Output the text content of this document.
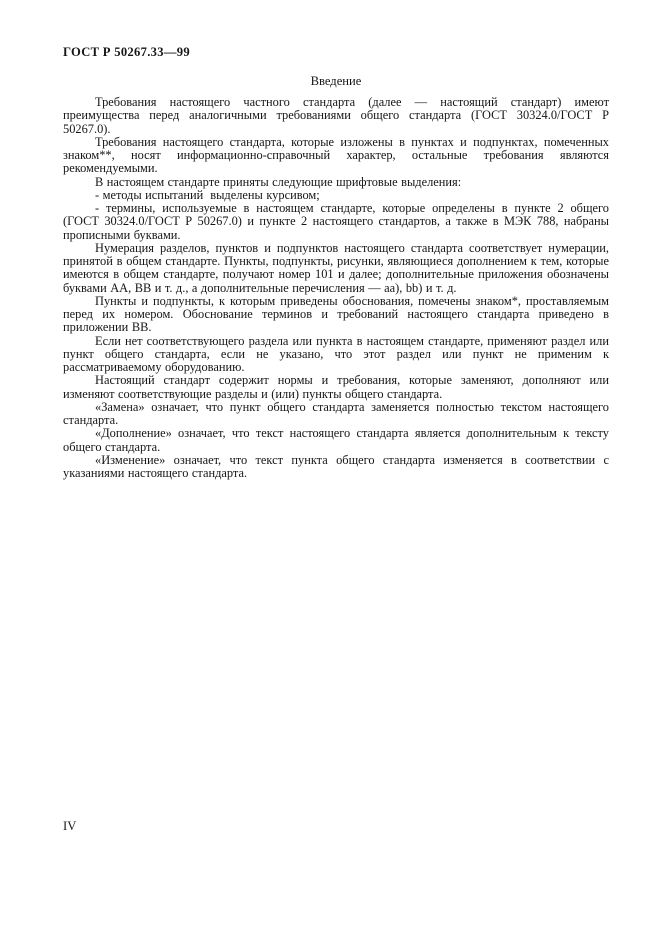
ГОСТ Р 50267.33—99
Введение

Требования настоящего частного стандарта (далее — настоящий стандарт) имеют преимущества перед аналогичными требованиями общего стандарта (ГОСТ 30324.0/ГОСТ Р 50267.0).

Требования настоящего стандарта, которые изложены в пунктах и подпунктах, помеченных знаком**, носят информационно-справочный характер, остальные требования являются рекомендуемыми.

В настоящем стандарте приняты следующие шрифтовые выделения:

- методы испытаний  выделены курсивом;

- термины, используемые в настоящем стандарте, которые определены в пункте 2 общего (ГОСТ 30324.0/ГОСТ Р 50267.0) и пункте 2 настоящего стандартов, а также в МЭК 788, набраны прописными буквами.

Нумерация разделов, пунктов и подпунктов настоящего стандарта соответствует нумерации, принятой в общем стандарте. Пункты, подпункты, рисунки, являющиеся дополнением к тем, которые имеются в общем стандарте, получают номер 101 и далее; дополнительные приложения обозначены буквами АА, ВВ и т. д., а дополнительные перечисления — aa), bb) и т. д.

Пункты и подпункты, к которым приведены обоснования, помечены знаком*, проставляемым перед их номером. Обоснование терминов и требований настоящего стандарта приведено в приложении ВВ.

Если нет соответствующего раздела или пункта в настоящем стандарте, применяют раздел или пункт общего стандарта, если не указано, что этот раздел или пункт не применим к рассматриваемому оборудованию.

Настоящий стандарт содержит нормы и требования, которые заменяют, дополняют или изменяют соответствующие разделы и (или) пункты общего стандарта.

«Замена» означает, что пункт общего стандарта заменяется полностью текстом настоящего стандарта.

«Дополнение» означает, что текст настоящего стандарта является дополнительным к тексту общего стандарта.

«Изменение» означает, что текст пункта общего стандарта изменяется в соответствии с указаниями настоящего стандарта.

IV
